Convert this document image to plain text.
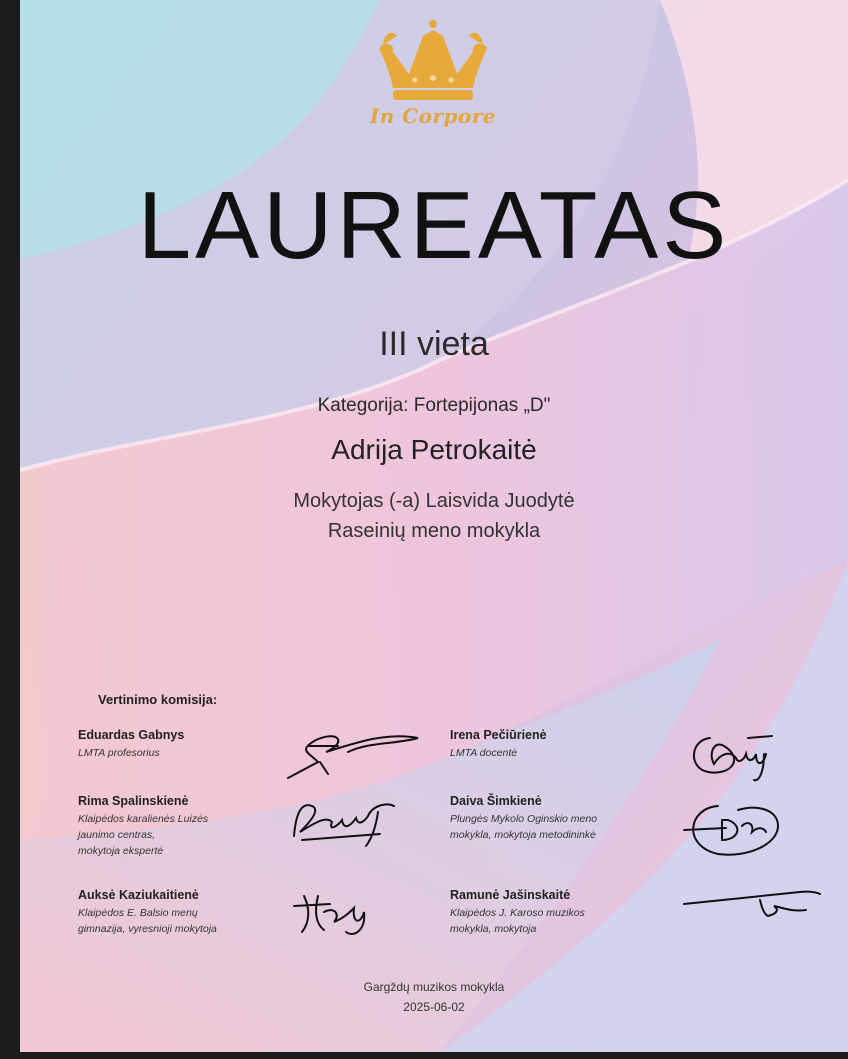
In Corpore
LAUREATAS
III vieta
Kategorija: Fortepijonas „D"
Adrija Petrokaitė
Mokytojas (-a) Laisvida Juodytė
Raseinių meno mokykla
Vertinimo komisija:
Eduardas Gabnys
LMTA profesorius
Irena Pečiūrienė
LMTA docentė
Rima Spalinskienė
Klaipėdos karalienės Luizės
jaunimo centras,
mokytoja ekspertė
Daiva Šimkienė
Plungės Mykolo Oginskio meno
mokykla, mokytoja metodininkė
Auksė Kaziukaitienė
Klaipėdos E. Balsio menų
gimnazija, vyresnioji mokytoja
Ramunė Jašinskaitė
Klaipėdos J. Karoso muzikos
mokykla, mokytoja
Gargždų muzikos mokykla
2025-06-02
